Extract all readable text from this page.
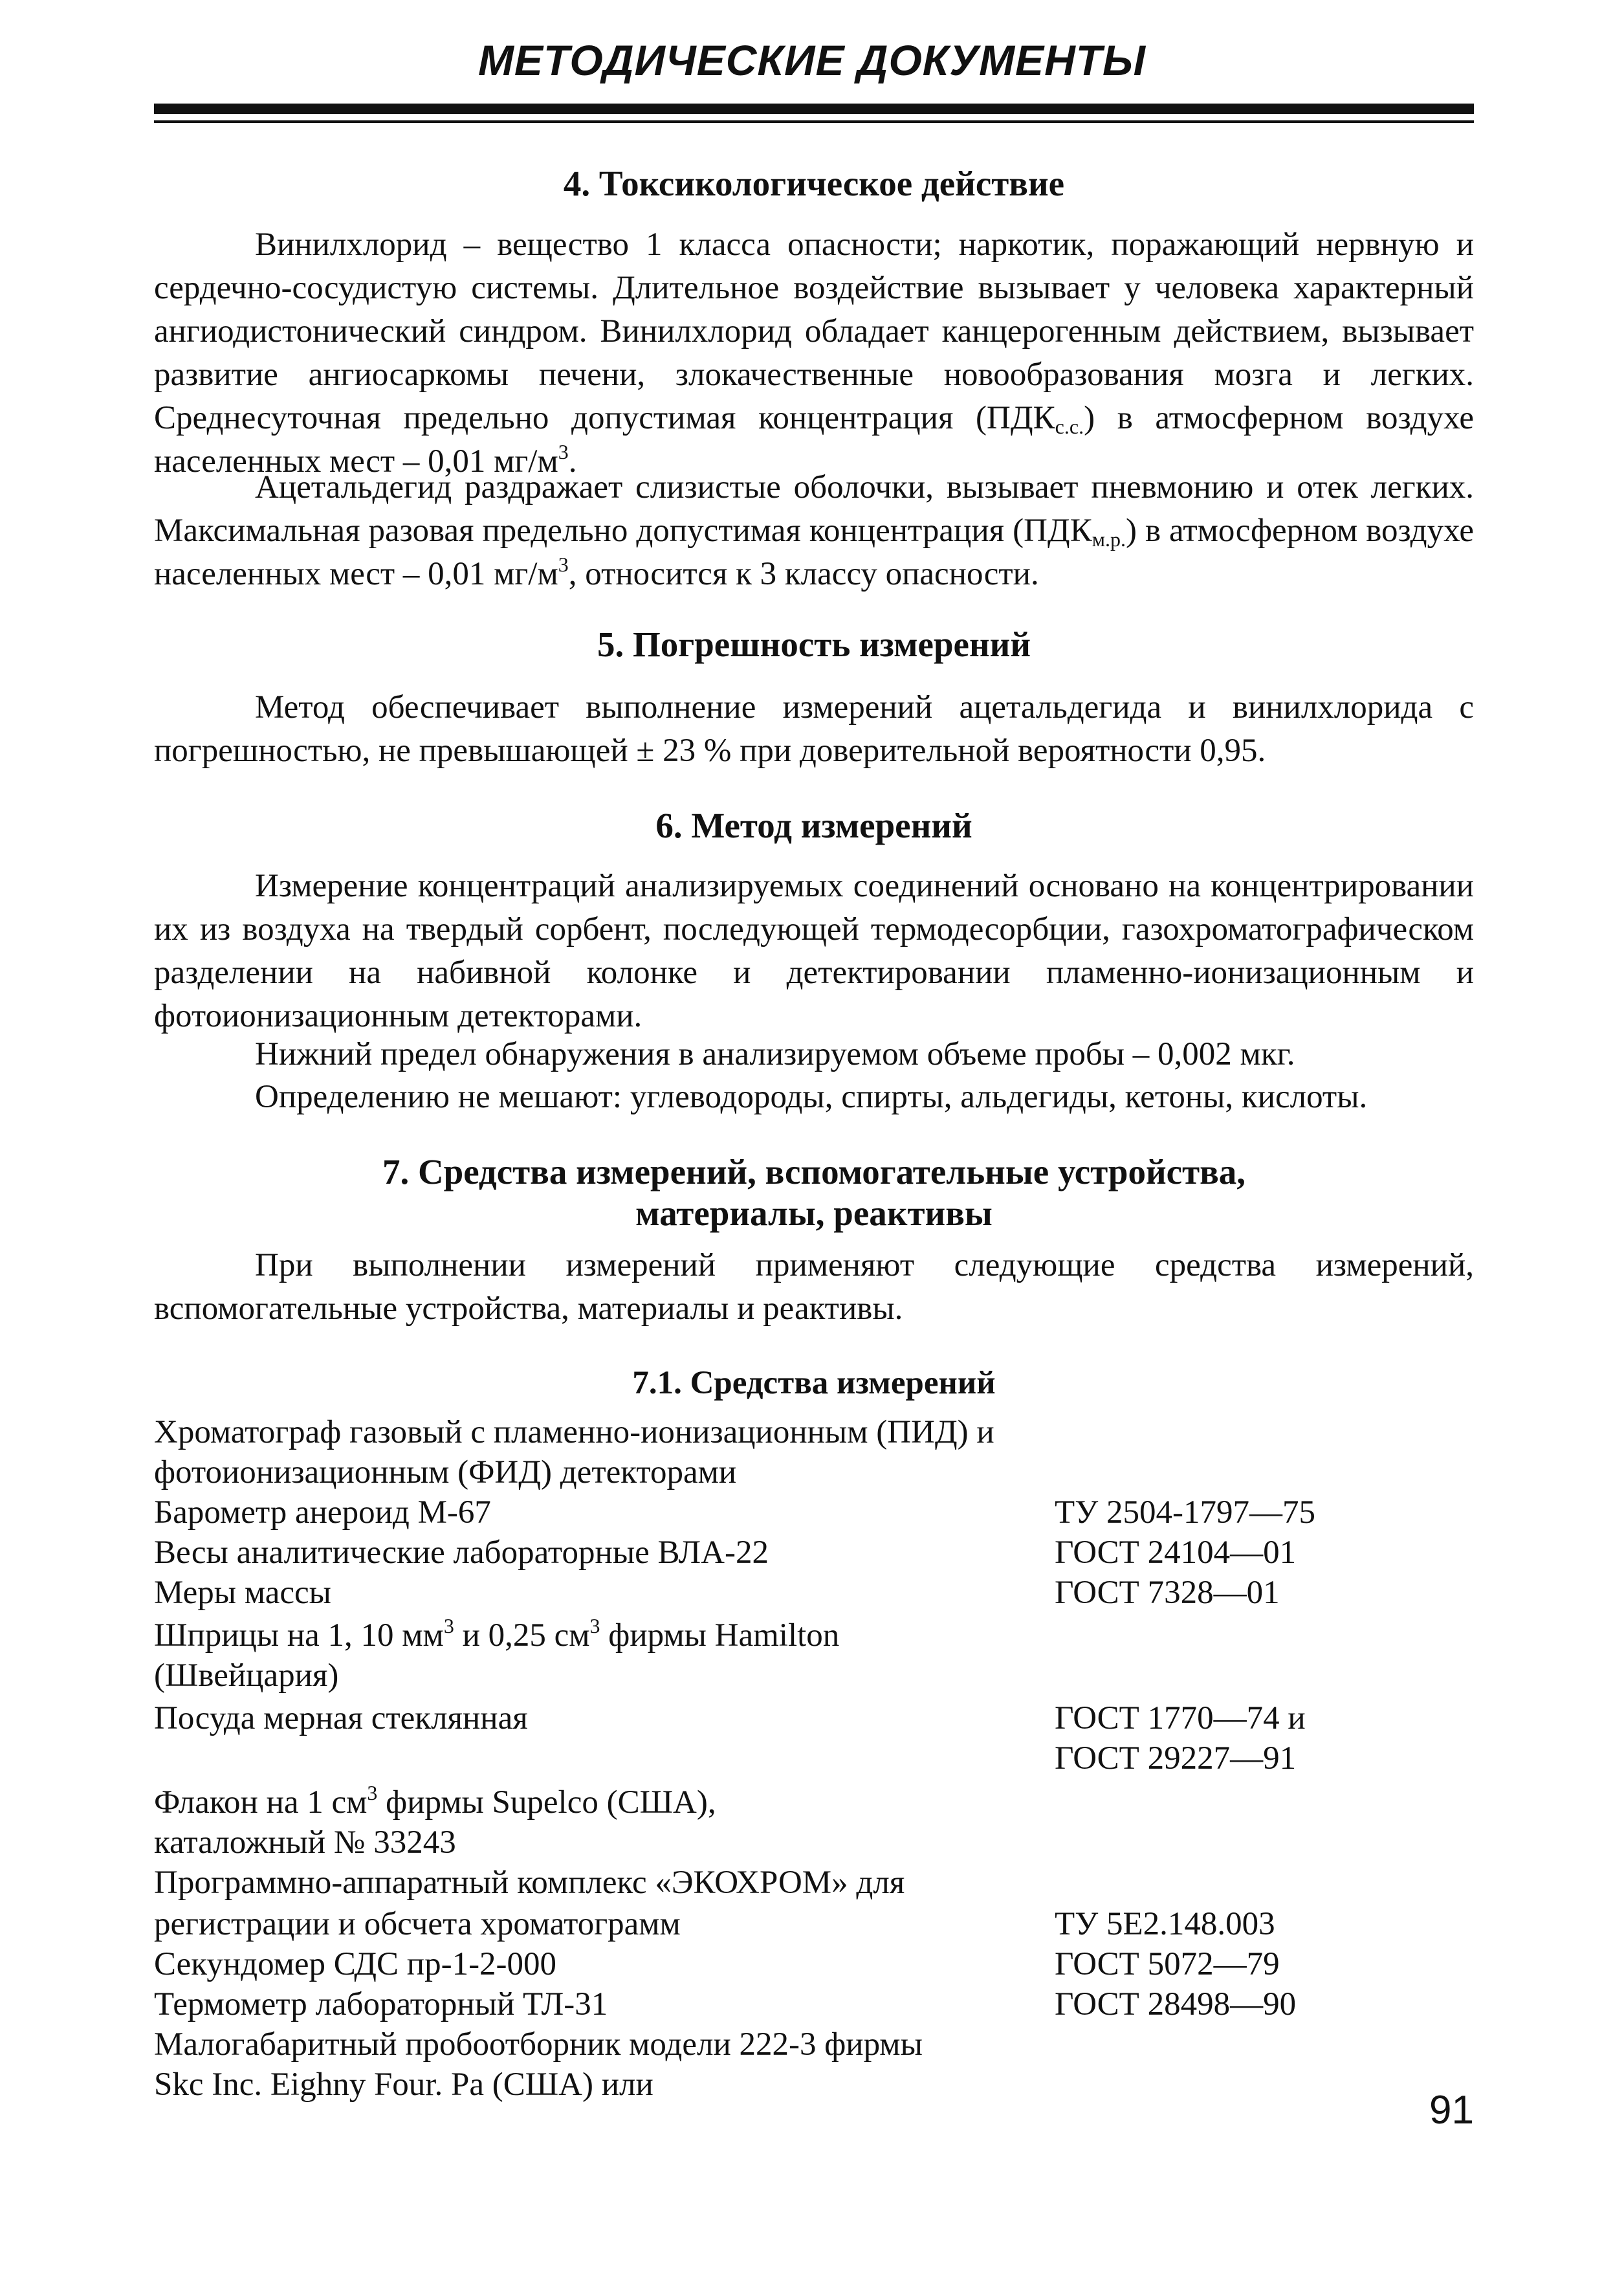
МЕТОДИЧЕСКИЕ ДОКУМЕНТЫ
4. Токсикологическое действие
Винилхлорид – вещество 1 класса опасности; наркотик, поражающий нервную и сердечно-сосудистую системы. Длительное воздействие вызывает у человека характерный ангиодистонический синдром. Винилхлорид обладает канцерогенным действием, вызывает развитие ангиосаркомы печени, злокачественные новообразования мозга и легких. Среднесуточная предельно допустимая концентрация $(ПДК_{с.с.})$ в атмосферном воздухе населенных мест – 0,01 $мг/м^3$.
Ацетальдегид раздражает слизистые оболочки, вызывает пневмонию и отек легких. Максимальная разовая предельно допустимая концентрация $(ПДК_{м.р.})$ в атмосферном воздухе населенных мест – 0,01 $мг/м^3$, относится к 3 классу опасности.
5. Погрешность измерений
Метод обеспечивает выполнение измерений ацетальдегида и винилхлорида с погрешностью, не превышающей ± 23 % при доверительной вероятности 0,95.
6. Метод измерений
Измерение концентраций анализируемых соединений основано на концентрировании их из воздуха на твердый сорбент, последующей термодесорбции, газохроматографическом разделении на набивной колонке и детектировании пламенно-ионизационным и фотоионизационным детекторами.
Нижний предел обнаружения в анализируемом объеме пробы – 0,002 мкг.
Определению не мешают: углеводороды, спирты, альдегиды, кетоны, кислоты.
7. Средства измерений, вспомогательные устройства,
материалы, реактивы
При выполнении измерений применяют следующие средства измерений, вспомогательные устройства, материалы и реактивы.
7.1. Средства измерений
Хроматограф газовый с пламенно-ионизационным (ПИД) и
фотоионизационным (ФИД) детекторами
Барометр анероид М-67	ТУ 2504-1797—75
Весы аналитические лабораторные ВЛА-22	ГОСТ 24104—01
Меры массы	ГОСТ 7328—01
Шприцы на 1, 10 $мм^3$ и 0,25 $см^3$ фирмы Hamilton
(Швейцария)
Посуда мерная стеклянная	ГОСТ 1770—74 и
ГОСТ 29227—91
Флакон на 1 $см^3$ фирмы Supelco (США),
каталожный № 33243
Программно-аппаратный комплекс «ЭКОХРОМ» для
регистрации и обсчета хроматограмм	ТУ 5Е2.148.003
Секундомер СДС пр-1-2-000	ГОСТ 5072—79
Термометр лабораторный ТЛ-31	ГОСТ 28498—90
Малогабаритный пробоотборник модели 222-3 фирмы
Skc Inc. Eighny Four. Pa (США) или
91
